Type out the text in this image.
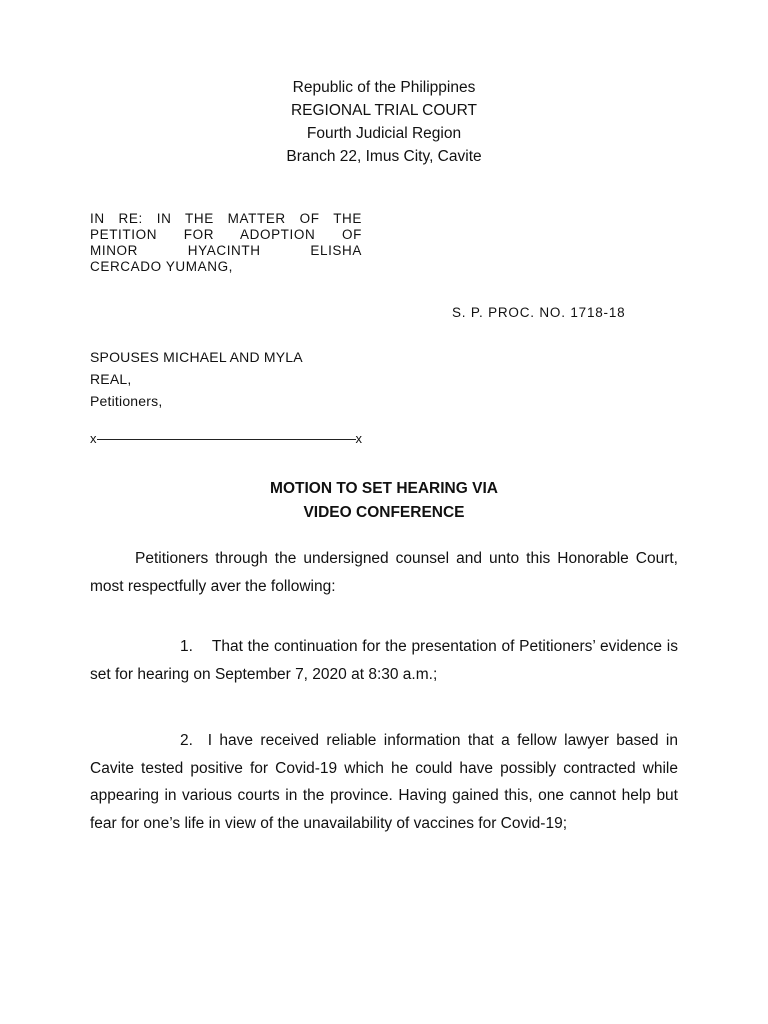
Republic of the Philippines
REGIONAL TRIAL COURT
Fourth Judicial Region
Branch 22, Imus City, Cavite
IN RE: IN THE MATTER OF THE
PETITION FOR ADOPTION OF
MINOR HYACINTH ELISHA
CERCADO YUMANG,
S. P. PROC. NO. 1718-18
SPOUSES MICHAEL AND MYLA
REAL,
Petitioners,
x	x
MOTION TO SET HEARING VIA
VIDEO CONFERENCE

Petitioners through the undersigned counsel and unto this Honorable Court, most respectfully aver the following:

1. That the continuation for the presentation of Petitioners’ evidence is set for hearing on September 7, 2020 at 8:30 a.m.;

2. I have received reliable information that a fellow lawyer based in Cavite tested positive for Covid-19 which he could have possibly contracted while appearing in various courts in the province. Having gained this, one cannot help but fear for one’s life in view of the unavailability of vaccines for Covid-19;
